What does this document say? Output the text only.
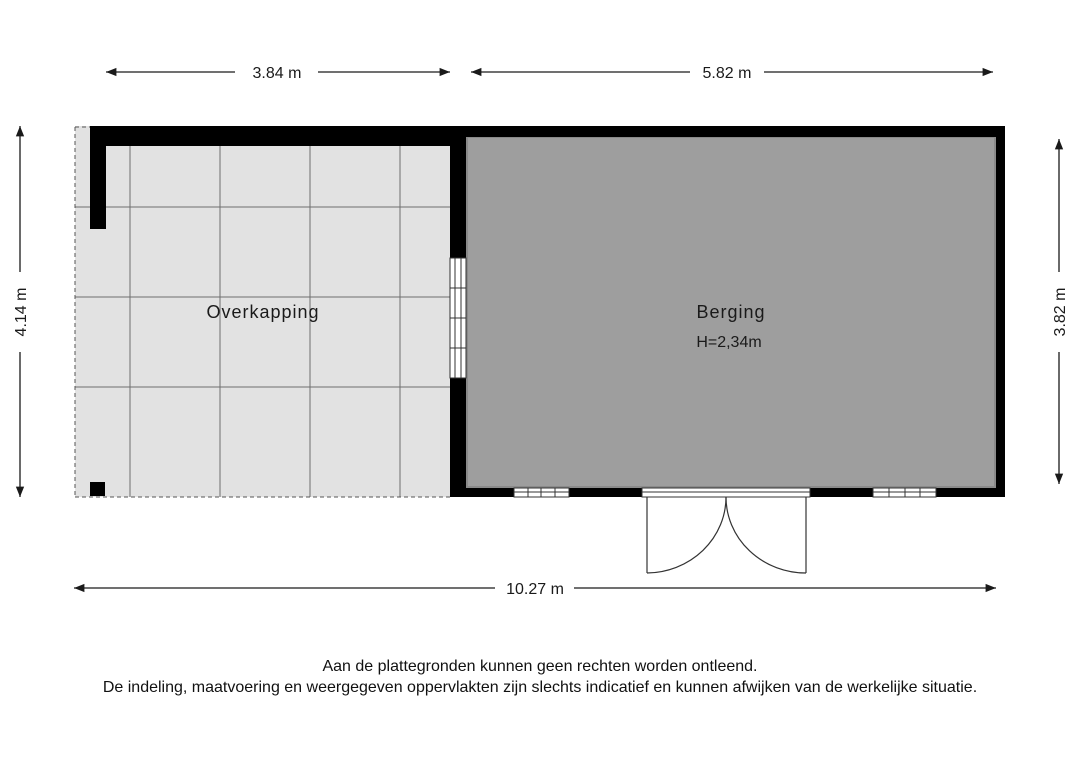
Overkapping	Berging
H=2,34m
3.84 m	5.82 m
10.27 m
4.14 m	3.82 m
Aan de plattegronden kunnen geen rechten worden ontleend.
De indeling, maatvoering en weergegeven oppervlakten zijn slechts indicatief en kunnen afwijken van de werkelijke situatie.
